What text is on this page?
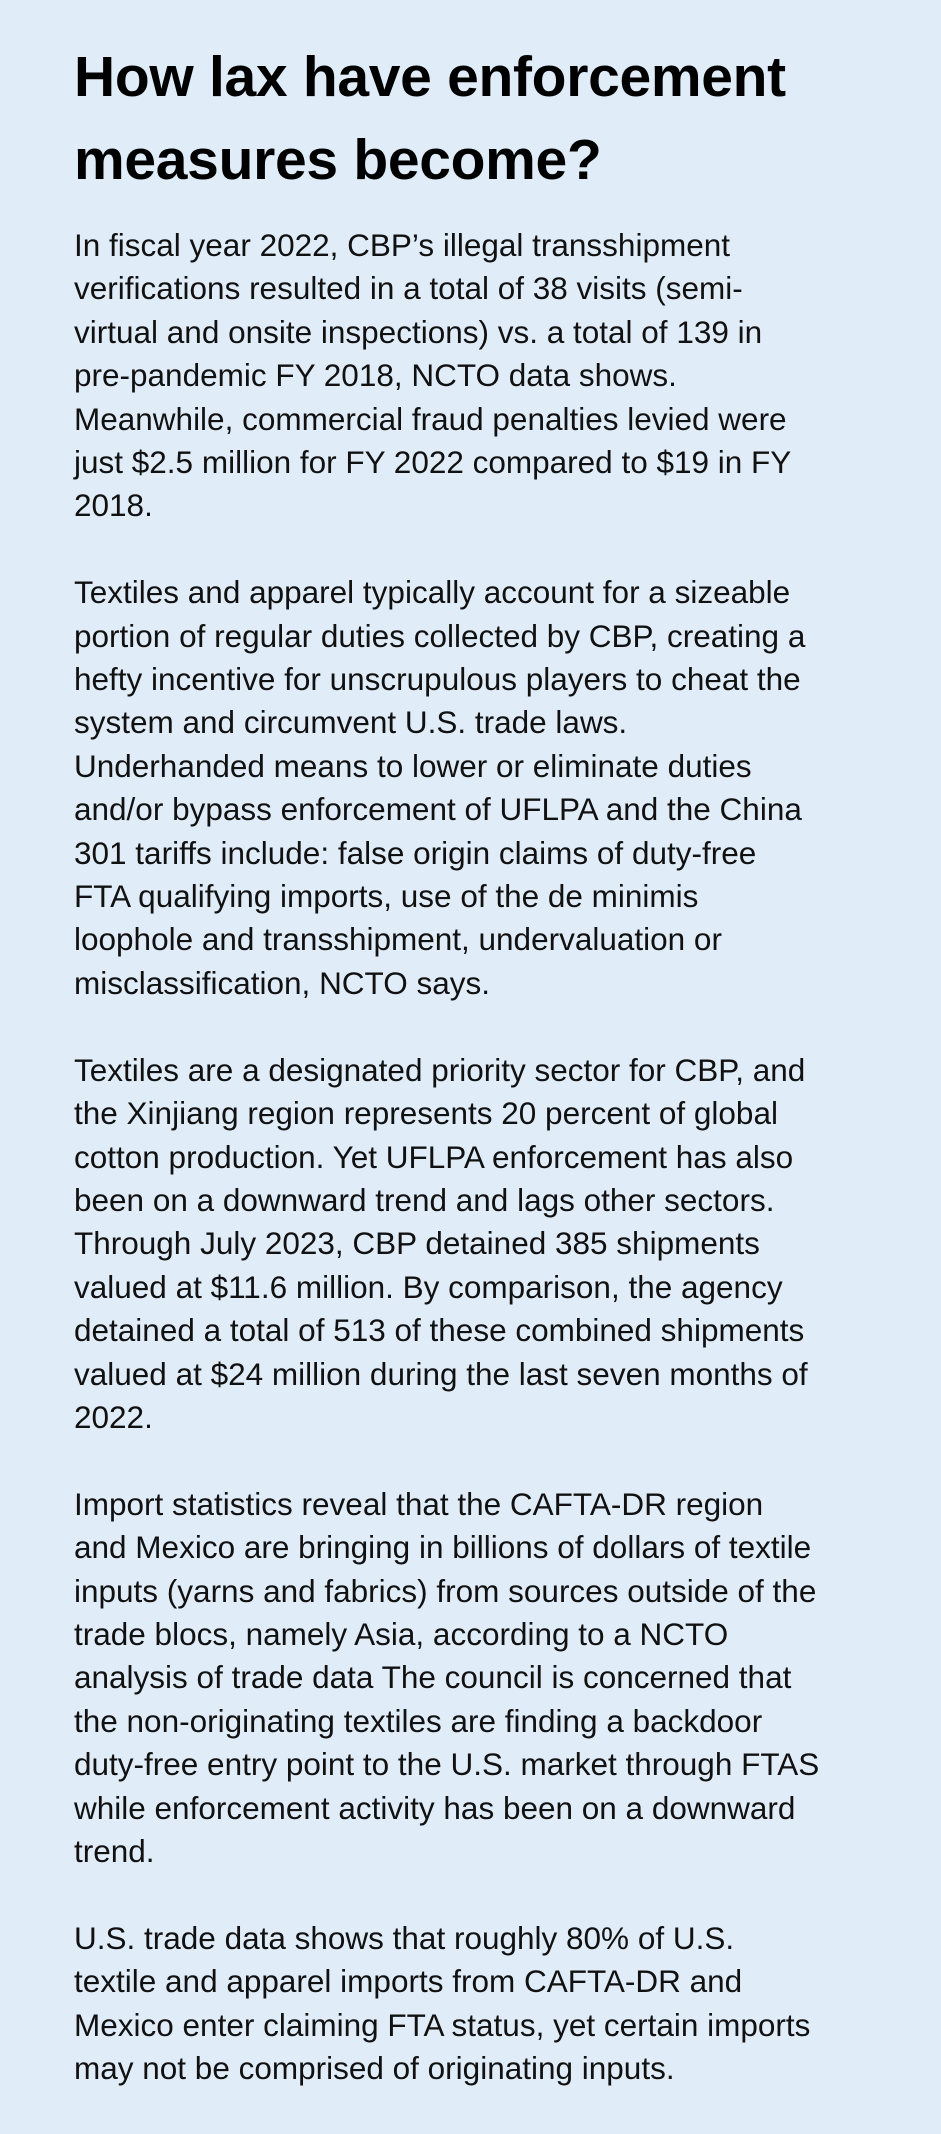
How lax have enforcement
measures become?

In fiscal year 2022, CBP’s illegal transshipment
verifications resulted in a total of 38 visits (semi-
virtual and onsite inspections) vs. a total of 139 in
pre-pandemic FY 2018, NCTO data shows.
Meanwhile, commercial fraud penalties levied were
just $2.5 million for FY 2022 compared to $19 in FY
2018.

Textiles and apparel typically account for a sizeable
portion of regular duties collected by CBP, creating a
hefty incentive for unscrupulous players to cheat the
system and circumvent U.S. trade laws.
Underhanded means to lower or eliminate duties
and/or bypass enforcement of UFLPA and the China
301 tariffs include: false origin claims of duty-free
FTA qualifying imports, use of the de minimis
loophole and transshipment, undervaluation or
misclassification, NCTO says.

Textiles are a designated priority sector for CBP, and
the Xinjiang region represents 20 percent of global
cotton production. Yet UFLPA enforcement has also
been on a downward trend and lags other sectors.
Through July 2023, CBP detained 385 shipments
valued at $11.6 million. By comparison, the agency
detained a total of 513 of these combined shipments
valued at $24 million during the last seven months of
2022.

Import statistics reveal that the CAFTA-DR region
and Mexico are bringing in billions of dollars of textile
inputs (yarns and fabrics) from sources outside of the
trade blocs, namely Asia, according to a NCTO
analysis of trade data The council is concerned that
the non-originating textiles are finding a backdoor
duty-free entry point to the U.S. market through FTAS
while enforcement activity has been on a downward
trend.

U.S. trade data shows that roughly 80% of U.S.
textile and apparel imports from CAFTA-DR and
Mexico enter claiming FTA status, yet certain imports
may not be comprised of originating inputs.
